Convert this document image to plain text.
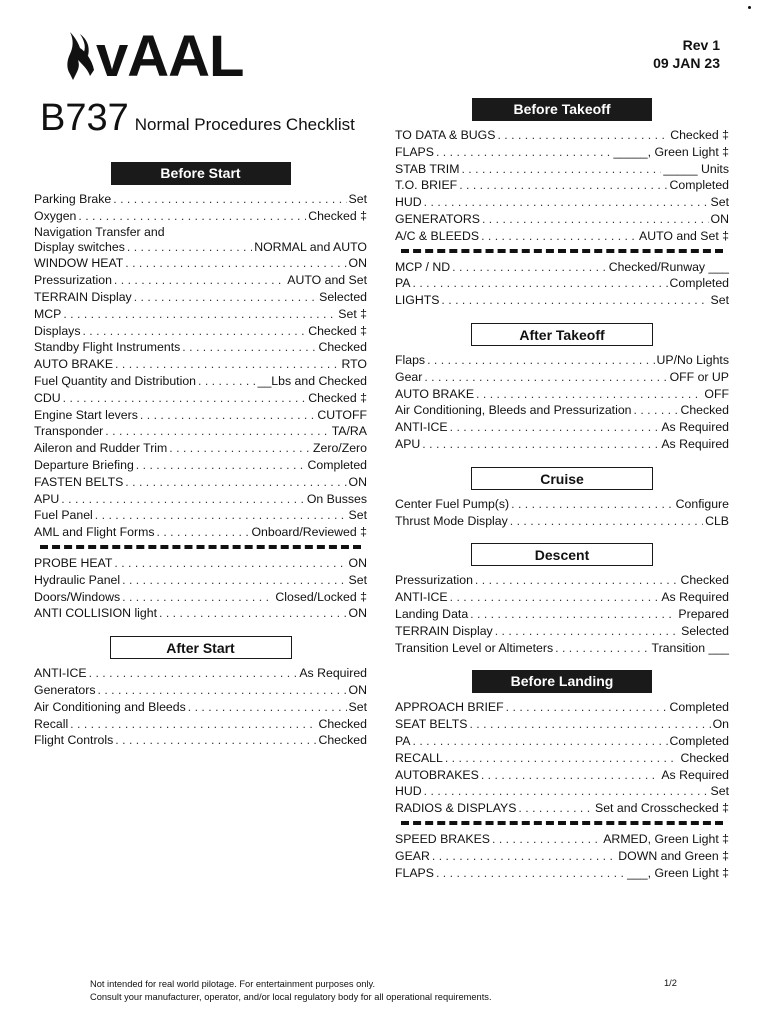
vAAL	Rev 1
09 JAN 23
B737 Normal Procedures Checklist
Before Start
Parking Brake . . .	Set
Oxygen . . .	Checked ‡
Navigation Transfer and
Display switches . . .	NORMAL and AUTO
WINDOW HEAT . . .	ON
Pressurization . . .	AUTO and Set
TERRAIN Display . . .	Selected
MCP . . .	Set ‡
Displays . . .	Checked ‡
Standby Flight Instruments . . .	Checked
AUTO BRAKE . . .	RTO
Fuel Quantity and Distribution . . .	__Lbs and Checked
CDU . . .	Checked ‡
Engine Start levers . . .	CUTOFF
Transponder . . .	TA/RA
Aileron and Rudder Trim . . .	Zero/Zero
Departure Briefing . . .	Completed
FASTEN BELTS . . .	ON
APU . . .	On Busses
Fuel Panel . . .	Set
AML and Flight Forms . . .	Onboard/Reviewed ‡
PROBE HEAT . . .	ON
Hydraulic Panel . . .	Set
Doors/Windows . . .	Closed/Locked ‡
ANTI COLLISION light . . .	ON
After Start
ANTI-ICE . . .	As Required
Generators . . .	ON
Air Conditioning and Bleeds . . .	Set
Recall . . .	Checked
Flight Controls . . .	Checked
Before Takeoff
TO DATA & BUGS . . .	Checked ‡
FLAPS . . .	_____, Green Light ‡
STAB TRIM . . .	_____ Units
T.O. BRIEF . . .	Completed
HUD . . .	Set
GENERATORS . . .	ON
A/C & BLEEDS . . .	AUTO and Set ‡
MCP / ND . . .	Checked/Runway ___
PA . . .	Completed
LIGHTS . . .	Set
After Takeoff
Flaps . . .	UP/No Lights
Gear . . .	OFF or UP
AUTO BRAKE . . .	OFF
Air Conditioning, Bleeds and Pressurization . . .	Checked
ANTI-ICE . . .	As Required
APU . . .	As Required
Cruise
Center Fuel Pump(s) . . .	Configure
Thrust Mode Display . . .	CLB
Descent
Pressurization . . .	Checked
ANTI-ICE . . .	As Required
Landing Data . . .	Prepared
TERRAIN Display . . .	Selected
Transition Level or Altimeters . . .	Transition ___
Before Landing
APPROACH BRIEF . . .	Completed
SEAT BELTS . . .	On
PA . . .	Completed
RECALL . . .	Checked
AUTOBRAKES . . .	As Required
HUD . . .	Set
RADIOS & DISPLAYS . . .	Set and Crosschecked ‡
SPEED BRAKES . . .	ARMED, Green Light ‡
GEAR . . .	DOWN and Green ‡
FLAPS . . .	___, Green Light ‡
Not intended for real world pilotage. For entertainment purposes only.
Consult your manufacturer, operator, and/or local regulatory body for all operational requirements.
1/2
